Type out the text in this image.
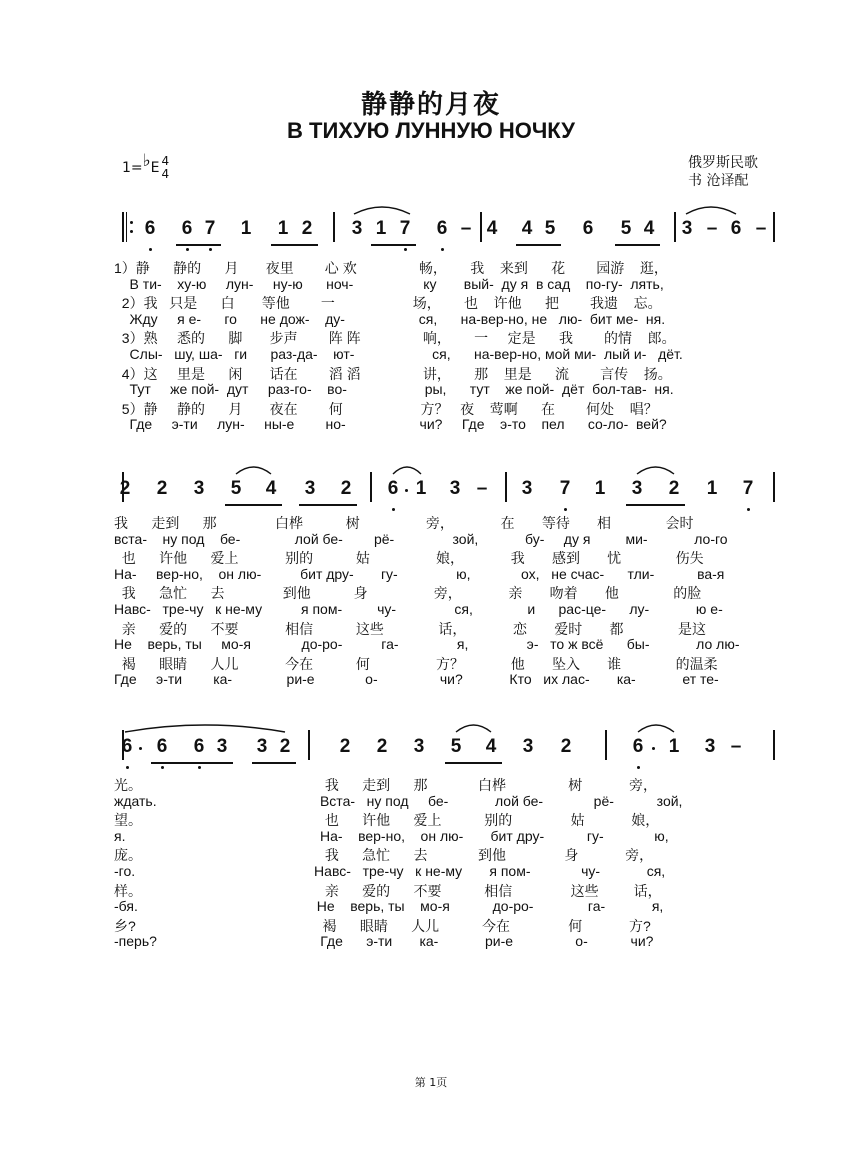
静静的月夜
В ТИХУЮ ЛУННУЮ НОЧКУ
俄罗斯民歌
书 沧译配
1=♭E 4
4
6 6 7 1 1 2 3 1 7 6 – 4 4 5 6 5 4 3 – 6 –
1）静      静的      月       夜里        心 欢                畅，      我    来到      花        园游    逛，
В ти-    ху-ю     лун-     ну-ю      ноч-                  ку       вый-  ду я  в сад    по-гу-  лять,
2）我   只是      白       等他        一                    场，      也    许他      把        我遗    忘。
Жду     я е-      го      не дож-    ду-                   ся,      на-вер-но, не   лю-  бит ме-  ня.
3）熟     悉的      脚       步声        阵 阵                响，      一     定是      我        的情    郎。
Слы-   шу, ша-   ги      раз-да-    ют-                    ся,      на-вер-но, мой ми-  лый и-   дёт.
4）这     里是      闲       话在        滔 滔                讲，      那    里是      流        言传    扬。
Тут     же пой-  дут     раз-го-    во-                    ры,      тут    же пой-  дёт  бол-тав-  ня.
5）静     静的      月       夜在        何                    方？   夜    莺啊      在        何处    唱？
Где     э-ти     лун-     ны-е        но-                   чи?     Где    э-то    пел      со-ло-  вей?
2 2 3 5 4 3 2 6 1 3 – 3 7 1 3 2 1 7
我      走到      那               白桦           树                 旁，            在       等待       相              会时
вста-    ну под    бе-              лой бе-        рё-               зой,            бу-     ду я         ми-            ло-го
也      许他      爱上            别的           姑                 娘，            我       感到       忧              伤失
На-     вер-но,    он лю-          бит дру-       гу-               ю,             ох,   не счас-      тли-           ва-я
我      急忙      去               到他           身                 旁，            亲       吻着       他              的脸
Навс-   тре-чу   к не-му          я пом-         чу-               ся,              и      рас-це-      лу-            ю е-
亲      爱的      不要            相信           这些              话，            恋       爱时       都              是这
Не    верь, ты     мо-я             до-ро-          га-               я,               э-   то ж всё      бы-            ло лю-
褐      眼睛      人儿            今在           何                 方？            他       坠入       谁              的温柔
Где     э-ти        ка-              ри-е             о-                чи?            Кто   их лас-       ка-            ет те-
6 6 6 3 3 2	2 2 3 5 4 3 2	6 1 3 –
光。                                               我      走到      那             白桦                树            旁，
ждать.                                          Вста-   ну под     бе-            лой бе-             рё-           зой,
望。                                               也      许他      爱上           别的               姑            娘，
я.                                                  На-    вер-но,    он лю-       бит дру-           гу-             ю,
庞。                                               我      急忙      去             到他               身            旁，
-го.                                              Навс-   тре-чу   к не-му       я пом-             чу-            ся,
样。                                               亲      爱的      不要           相信               这些         话，
-бя.                                              Не    верь, ты    мо-я           до-ро-              га-            я,
乡?                                                褐      眼睛      人儿           今在               何            方?
-перь?                                          Где      э-ти       ка-            ри-е                о-           чи?
第 1页
